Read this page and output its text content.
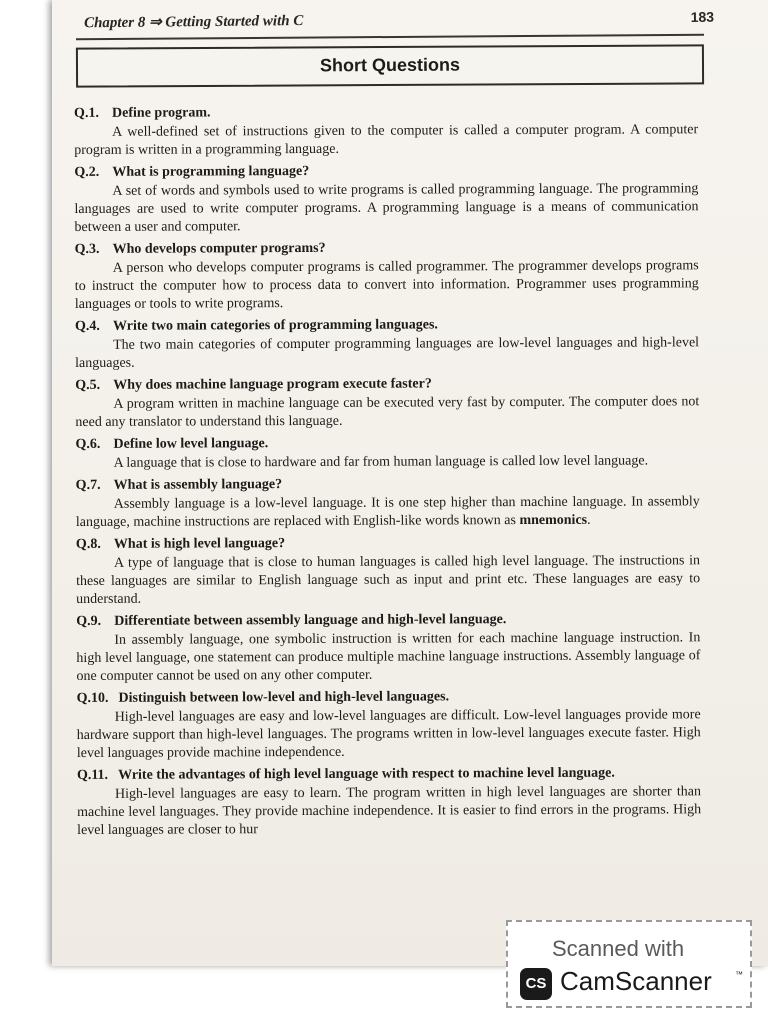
Chapter 8 ⇒ Getting Started with C	183
Short Questions
Q.1. Define program.
A well-defined set of instructions given to the computer is called a computer program. A computer program is written in a programming language.
Q.2. What is programming language?
A set of words and symbols used to write programs is called programming language. The programming languages are used to write computer programs. A programming language is a means of communication between a user and computer.
Q.3. Who develops computer programs?
A person who develops computer programs is called programmer. The programmer develops programs to instruct the computer how to process data to convert into information. Programmer uses programming languages or tools to write programs.
Q.4. Write two main categories of programming languages.
The two main categories of computer programming languages are low-level languages and high-level languages.
Q.5. Why does machine language program execute faster?
A program written in machine language can be executed very fast by computer. The computer does not need any translator to understand this language.
Q.6. Define low level language.
A language that is close to hardware and far from human language is called low level language.
Q.7. What is assembly language?
Assembly language is a low-level language. It is one step higher than machine language. In assembly language, machine instructions are replaced with English-like words known as mnemonics.
Q.8. What is high level language?
A type of language that is close to human languages is called high level language. The instructions in these languages are similar to English language such as input and print etc. These languages are easy to understand.
Q.9. Differentiate between assembly language and high-level language.
In assembly language, one symbolic instruction is written for each machine language instruction. In high level language, one statement can produce multiple machine language instructions. Assembly language of one computer cannot be used on any other computer.
Q.10. Distinguish between low-level and high-level languages.
High-level languages are easy and low-level languages are difficult. Low-level languages provide more hardware support than high-level languages. The programs written in low-level languages execute faster. High level languages provide machine independence.
Q.11. Write the advantages of high level language with respect to machine level language.
High-level languages are easy to learn. The program written in high level languages are shorter than machine level languages. They provide machine independence. It is easier to find errors in the programs. High level languages are closer to hur
Scanned with
CS CamScanner	™
